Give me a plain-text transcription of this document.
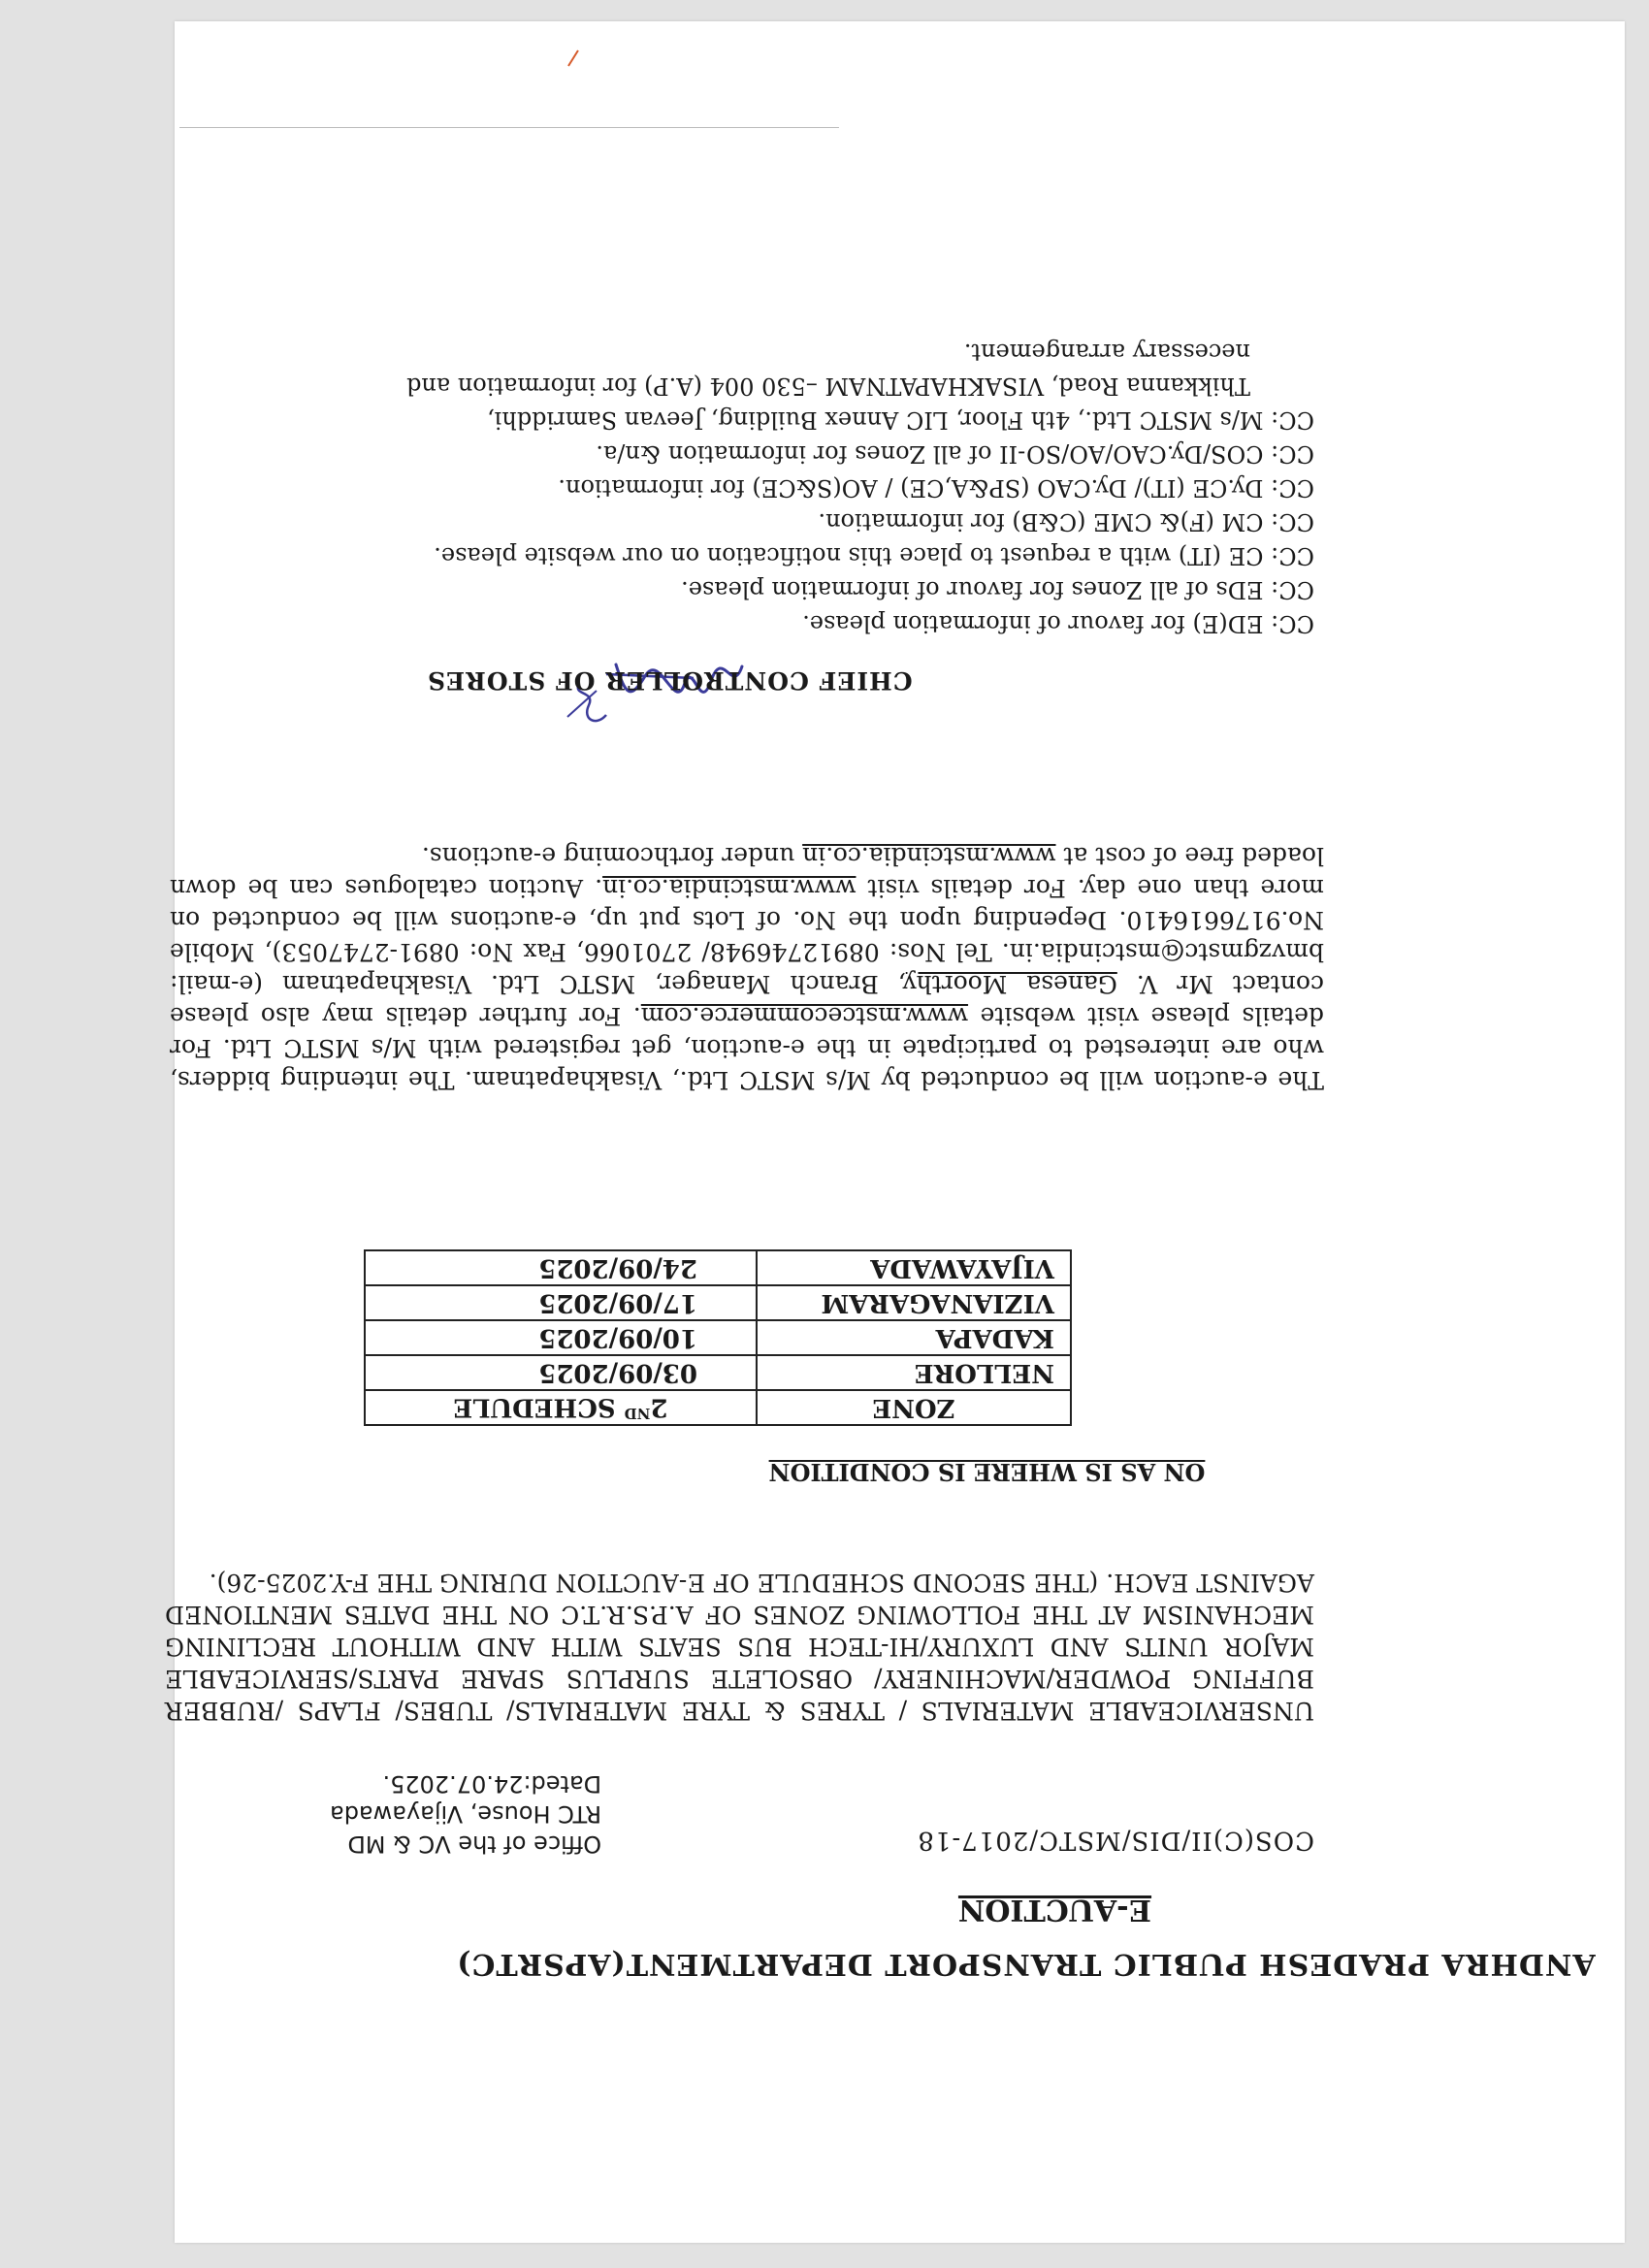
ANDHRA PRADESH PUBLIC TRANSPORT DEPARTMENT(APSRTC)
E-AUCTION
COS(C)II/DIS/MSTC/2017-18
Office of the VC & MD
RTC House, Vijayawada
Dated:24.07.2025.
UNSERVICEABLE MATERIALS / TYRES & TYRE MATERIALS/ TUBES/ FLAPS /RUBBER BUFFING POWDER/MACHINERY/ OBSOLETE SURPLUS SPARE PARTS/SERVICEABLE MAJOR UNITS AND LUXURY/HI-TECH BUS SEATS WITH AND WITHOUT RECLINING MECHANISM AT THE FOLLOWING ZONES OF A.P.S.R.T.C ON THE DATES MENTIONED AGAINST EACH. (THE SECOND SCHEDULE OF E-AUCTION DURING THE F-Y.2025-26).
ON AS IS WHERE IS CONDITION
ZONE	2ND SCHEDULE
NELLORE	03/09/2025
KADAPA	10/09/2025
VIZIANAGARAM	17/09/2025
VIJAYAWADA	24/09/2025
The e-auction will be conducted by M/s MSTC Ltd., Visakhapatnam. The intending bidders, who are interested to participate in the e-auction, get registered with M/s MSTC Ltd. For details please visit website www.mstcecommerce.com. For further details may also please contact Mr V. Ganesa Moorthy, Branch Manager, MSTC Ltd. Visakhapatnam (e-mail: bmvzgmstc@mstcindia.in. Tel Nos: 08912746948/ 2701066, Fax No: 0891-2747053), Mobile No.9176616410. Depending upon the No. of Lots put up, e-auctions will be conducted on more than one day. For details visit www.mstcindia.co.in. Auction catalogues can be down loaded free of cost at www.mstcindia.co.in under forthcoming e-auctions.
CHIEF CONTROLLER OF STORES
CC: ED(E) for favour of information please.
CC: EDs of all Zones for favour of information please.
CC: CE (IT) with a request to place this notification on our website please.
CC: CM (F)& CME (C&B) for information.
CC: Dy.CE (IT)/ Dy.CAO (SP&A,CE) / AO(S&CE) for information.
CC: COS/Dy.CAO/AO/SO-II of all Zones for information &n/a.
CC: M/s MSTC Ltd., 4th Floor, LIC Annex Building, Jeevan Samriddhi,
Thikkanna Road, VISAKHAPATNAM –530 004 (A.P) for information and
necessary arrangement.
